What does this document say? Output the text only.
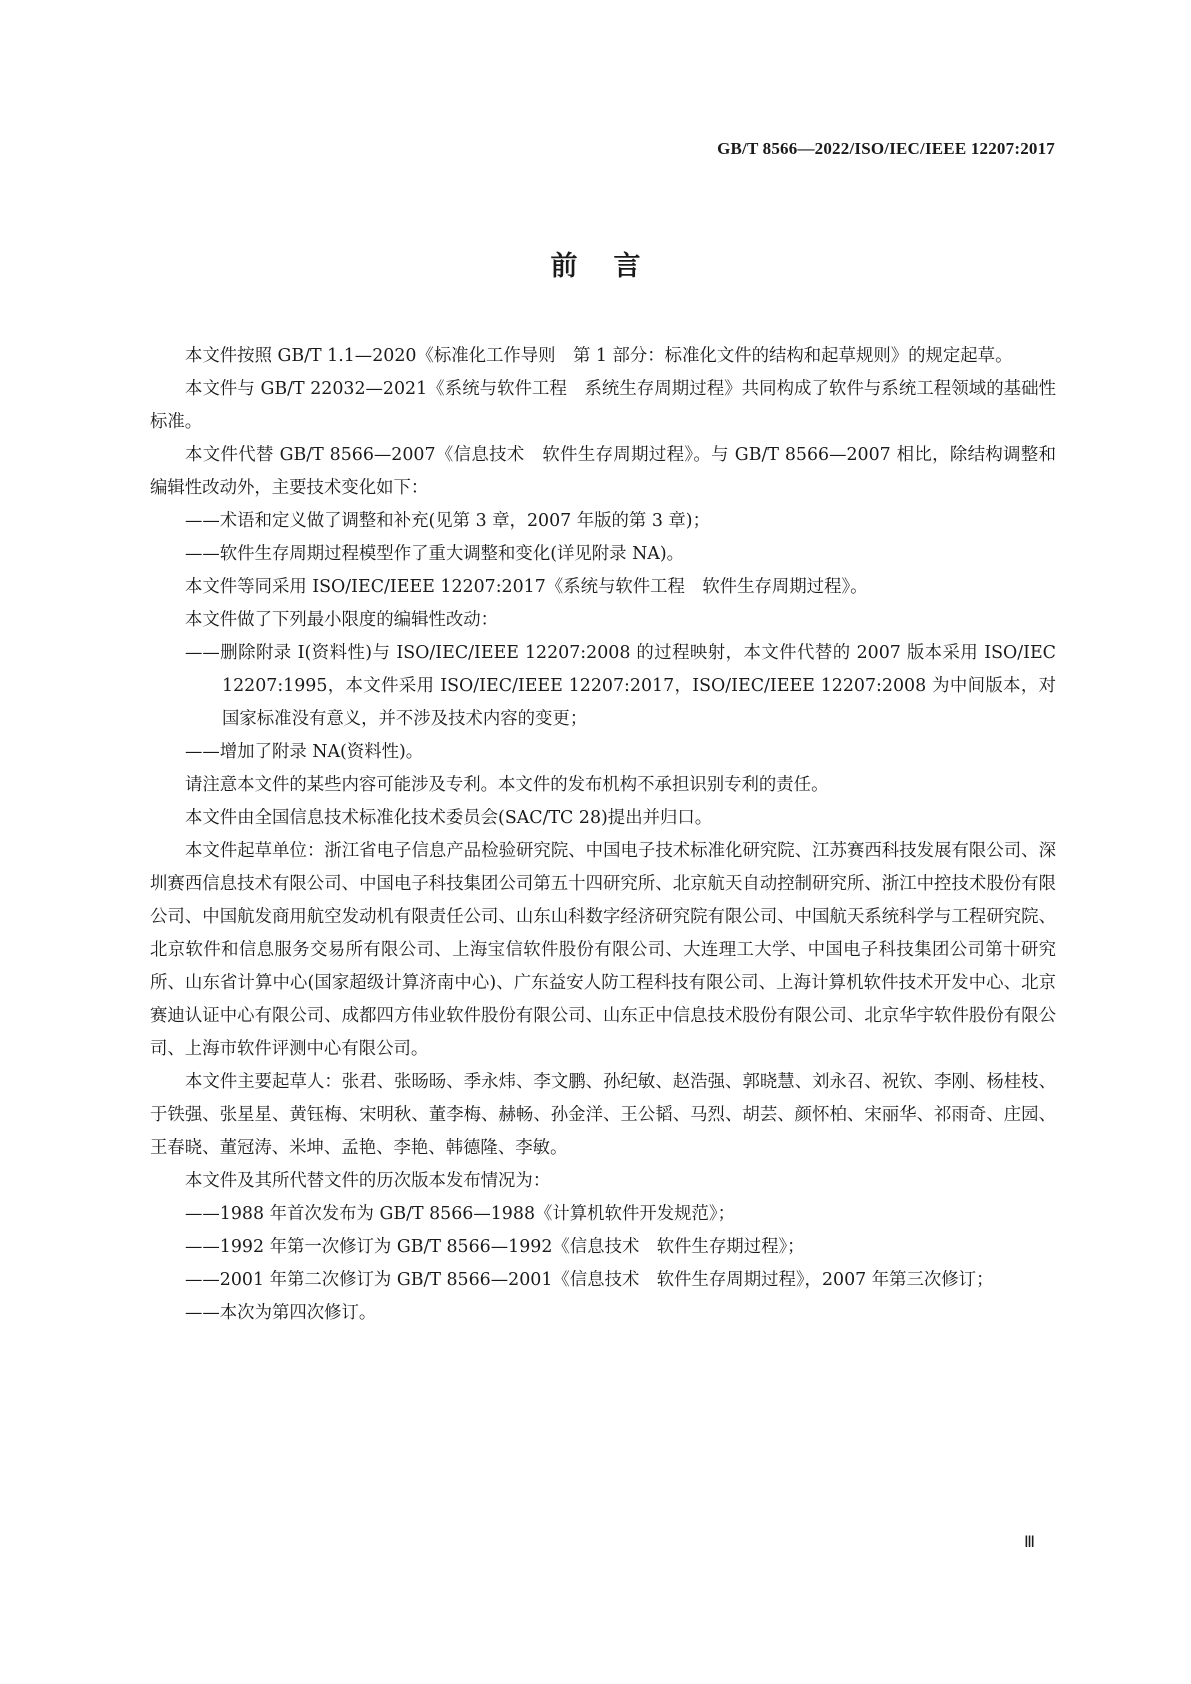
GB/T 8566—2022/ISO/IEC/IEEE 12207:2017
前言

本文件按照 GB/T 1.1—2020《标准化工作导则　第 1 部分：标准化文件的结构和起草规则》的规定起草。

本文件与 GB/T 22032—2021《系统与软件工程　系统生存周期过程》共同构成了软件与系统工程领域的基础性标准。

本文件代替 GB/T 8566—2007《信息技术　软件生存周期过程》。与 GB/T 8566—2007 相比，除结构调整和编辑性改动外，主要技术变化如下：

——术语和定义做了调整和补充(见第 3 章，2007 年版的第 3 章)；

——软件生存周期过程模型作了重大调整和变化(详见附录 NA)。

本文件等同采用 ISO/IEC/IEEE 12207:2017《系统与软件工程　软件生存周期过程》。

本文件做了下列最小限度的编辑性改动：

——删除附录 I(资料性)与 ISO/IEC/IEEE 12207:2008 的过程映射，本文件代替的 2007 版本采用 ISO/IEC 12207:1995，本文件采用 ISO/IEC/IEEE 12207:2017，ISO/IEC/IEEE 12207:2008 为中间版本，对国家标准没有意义，并不涉及技术内容的变更；

——增加了附录 NA(资料性)。

请注意本文件的某些内容可能涉及专利。本文件的发布机构不承担识别专利的责任。

本文件由全国信息技术标准化技术委员会(SAC/TC 28)提出并归口。

本文件起草单位：浙江省电子信息产品检验研究院、中国电子技术标准化研究院、江苏赛西科技发展有限公司、深圳赛西信息技术有限公司、中国电子科技集团公司第五十四研究所、北京航天自动控制研究所、浙江中控技术股份有限公司、中国航发商用航空发动机有限责任公司、山东山科数字经济研究院有限公司、中国航天系统科学与工程研究院、北京软件和信息服务交易所有限公司、上海宝信软件股份有限公司、大连理工大学、中国电子科技集团公司第十研究所、山东省计算中心(国家超级计算济南中心)、广东益安人防工程科技有限公司、上海计算机软件技术开发中心、北京赛迪认证中心有限公司、成都四方伟业软件股份有限公司、山东正中信息技术股份有限公司、北京华宇软件股份有限公司、上海市软件评测中心有限公司。

本文件主要起草人：张君、张旸旸、季永炜、李文鹏、孙纪敏、赵浩强、郭晓慧、刘永召、祝钦、李刚、杨桂枝、于铁强、张星星、黄钰梅、宋明秋、董李梅、赫畅、孙金洋、王公韬、马烈、胡芸、颜怀柏、宋丽华、祁雨奇、庄园、王春晓、董冠涛、米坤、孟艳、李艳、韩德隆、李敏。

本文件及其所代替文件的历次版本发布情况为：

——1988 年首次发布为 GB/T 8566—1988《计算机软件开发规范》；

——1992 年第一次修订为 GB/T 8566—1992《信息技术　软件生存期过程》；

——2001 年第二次修订为 GB/T 8566—2001《信息技术　软件生存周期过程》，2007 年第三次修订；

——本次为第四次修订。

Ⅲ
